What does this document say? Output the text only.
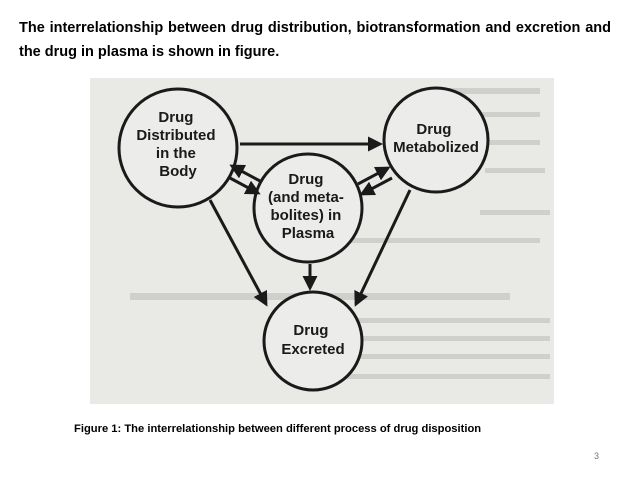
The interrelationship between drug distribution, biotransformation and excretion and the drug in plasma is shown in figure.
Drug Distributed in the Body
Drug Metabolized
Drug (and meta- bolites) in Plasma
Drug Excreted
Figure 1: The interrelationship between different process of drug disposition
3
